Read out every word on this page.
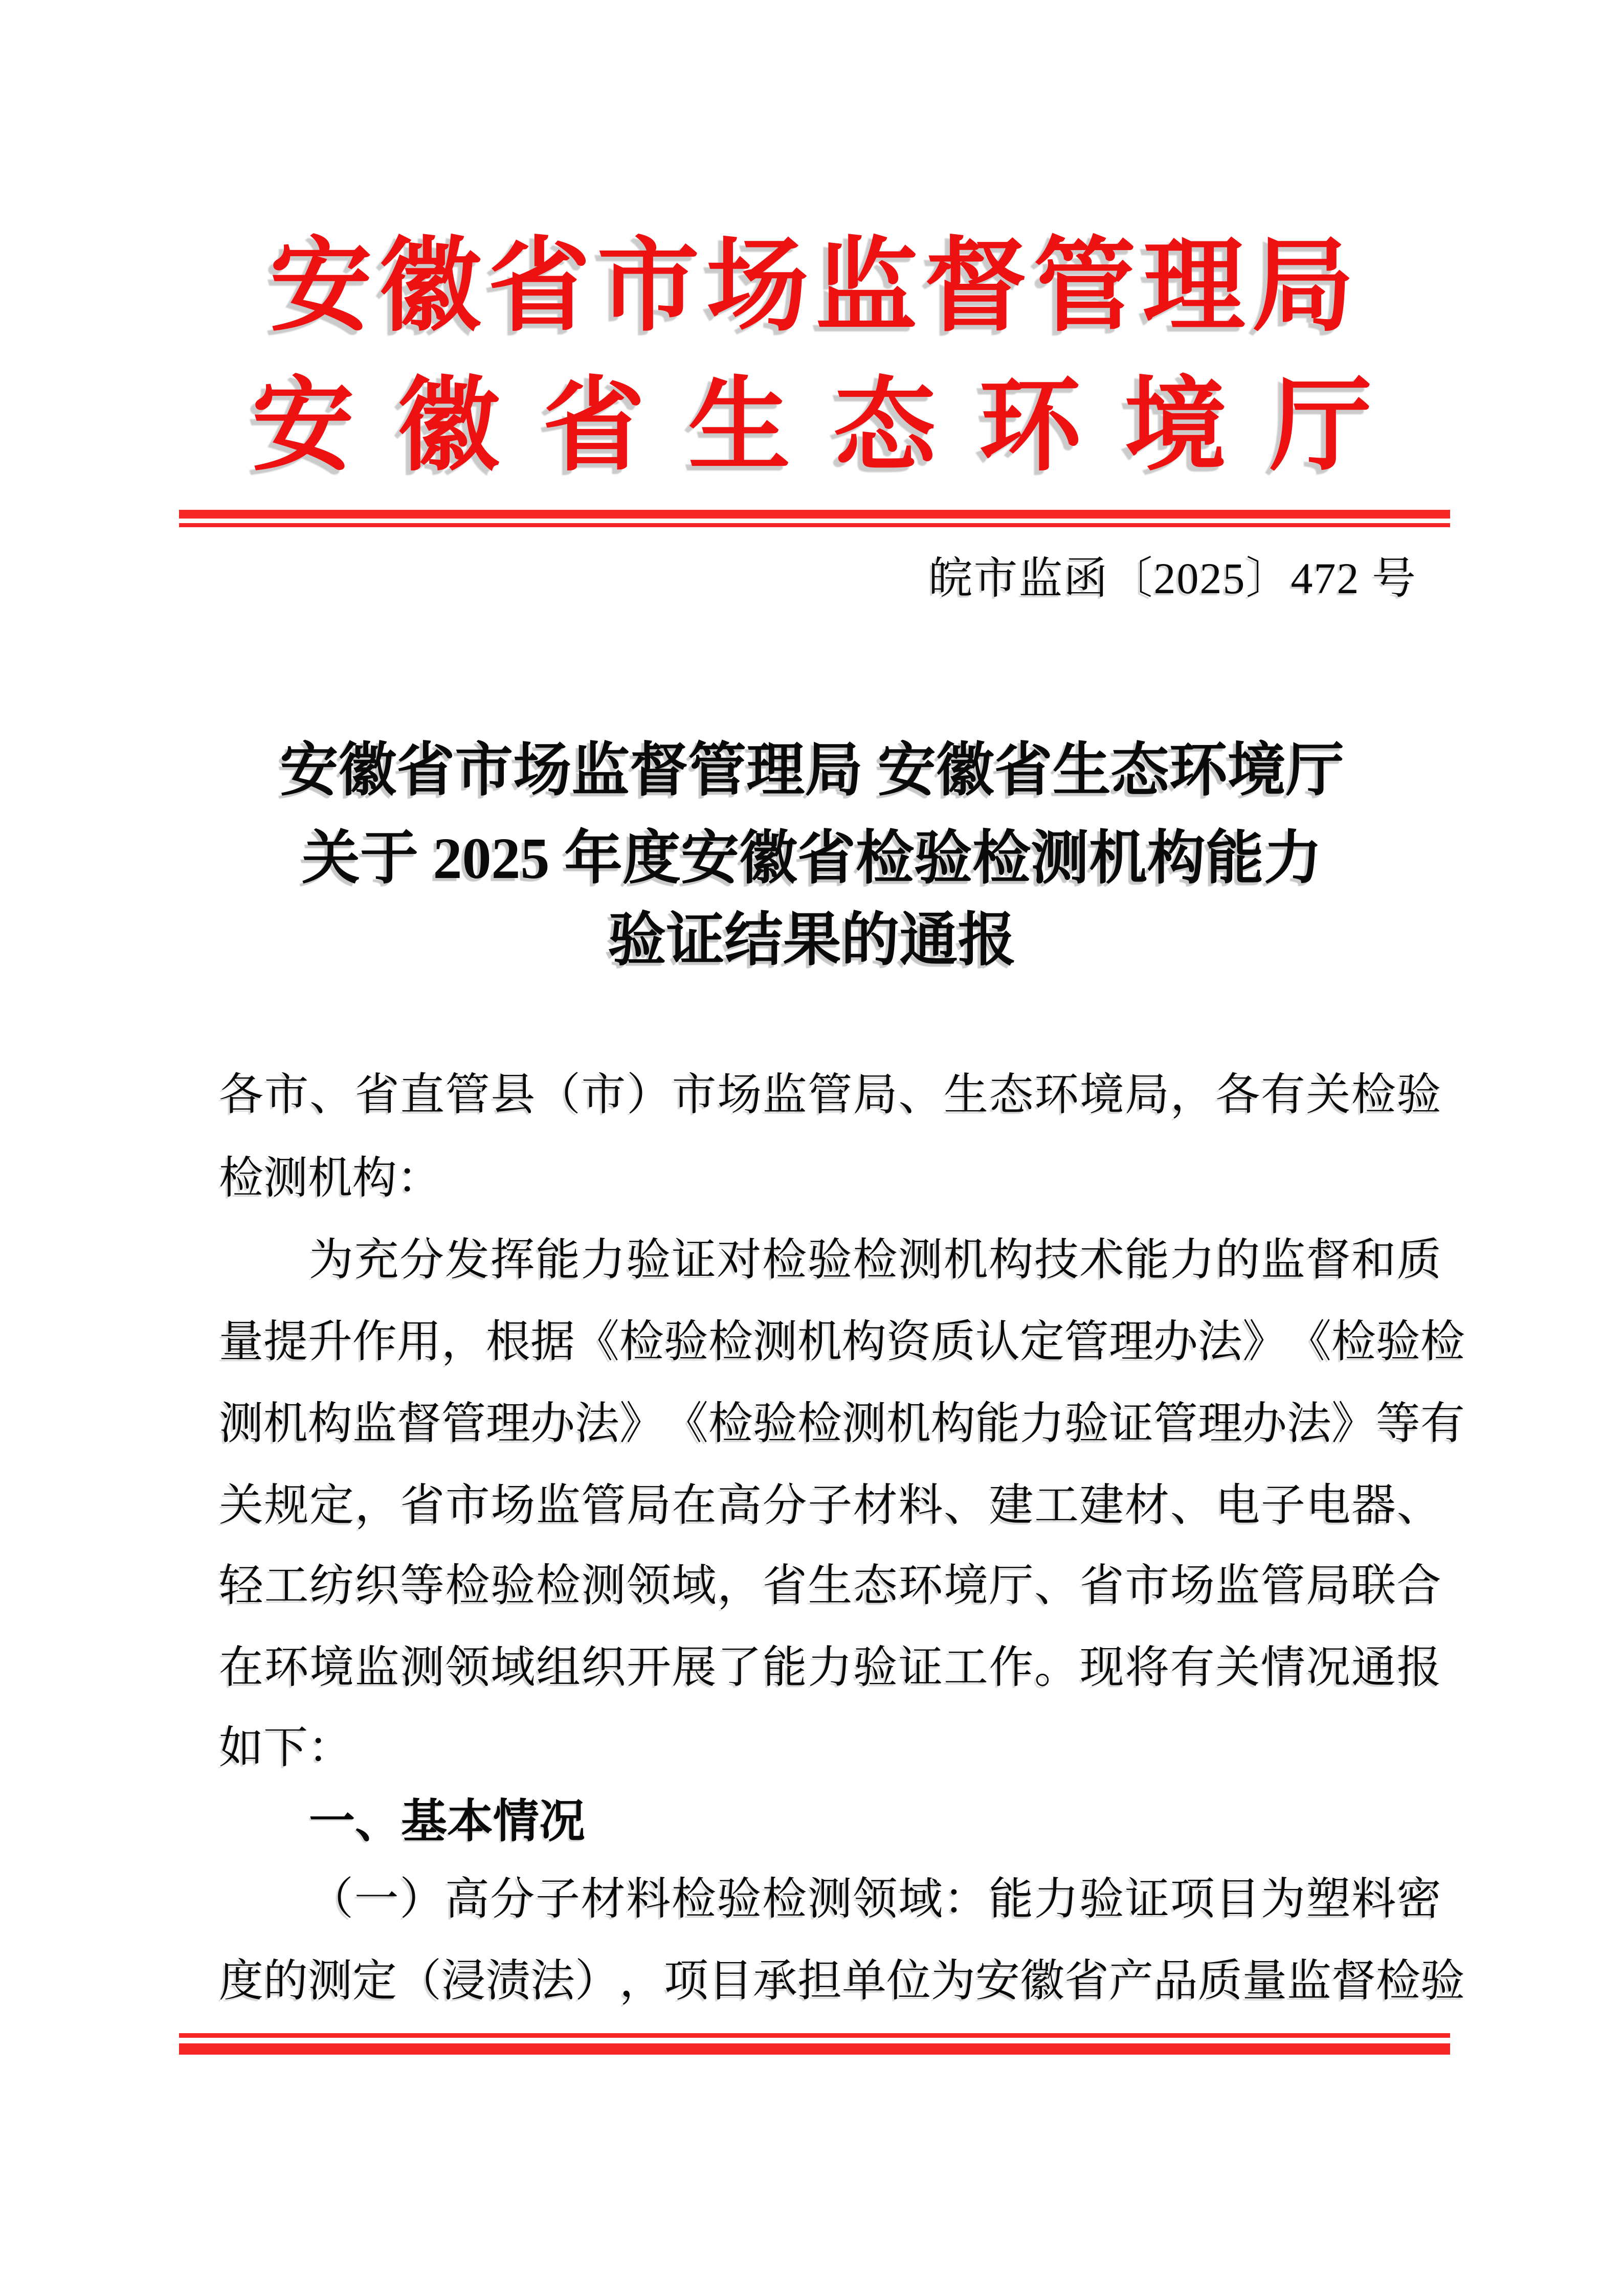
安 徽 省 市 场 监 督 管 理 局
安 徽 省 生 态 环 境 厅
皖市监函〔2025〕472 号
安徽省市场监督管理局 安徽省生态环境厅
关于 2025 年度安徽省检验检测机构能力
验证结果的通报
各 市 、 省 直 管 县 （ 市 ） 市 场 监 管 局 、 生 态 环 境 局 ， 各 有 关 检 验
检测机构：
为 充 分 发 挥 能 力 验 证 对 检 验 检 测 机 构 技 术 能 力 的 监 督 和 质
量 提 升 作 用 ， 根 据 《 检 验 检 测 机 构 资 质 认 定 管 理 办 法 》 《 检 验 检
测 机 构 监 督 管 理 办 法 》 《 检 验 检 测 机 构 能 力 验 证 管 理 办 法 》 等 有
关 规 定 ， 省 市 场 监 管 局 在 高 分 子 材 料 、 建 工 建 材 、 电 子 电 器 、
轻 工 纺 织 等 检 验 检 测 领 域 ， 省 生 态 环 境 厅 、 省 市 场 监 管 局 联 合
在 环 境 监 测 领 域 组 织 开 展 了 能 力 验 证 工 作 。 现 将 有 关 情 况 通 报
如下：
一、基本情况
（ 一 ） 高 分 子 材 料 检 验 检 测 领 域 ： 能 力 验 证 项 目 为 塑 料 密
度 的 测 定 （ 浸 渍 法 ） ， 项 目 承 担 单 位 为 安 徽 省 产 品 质 量 监 督 检 验
